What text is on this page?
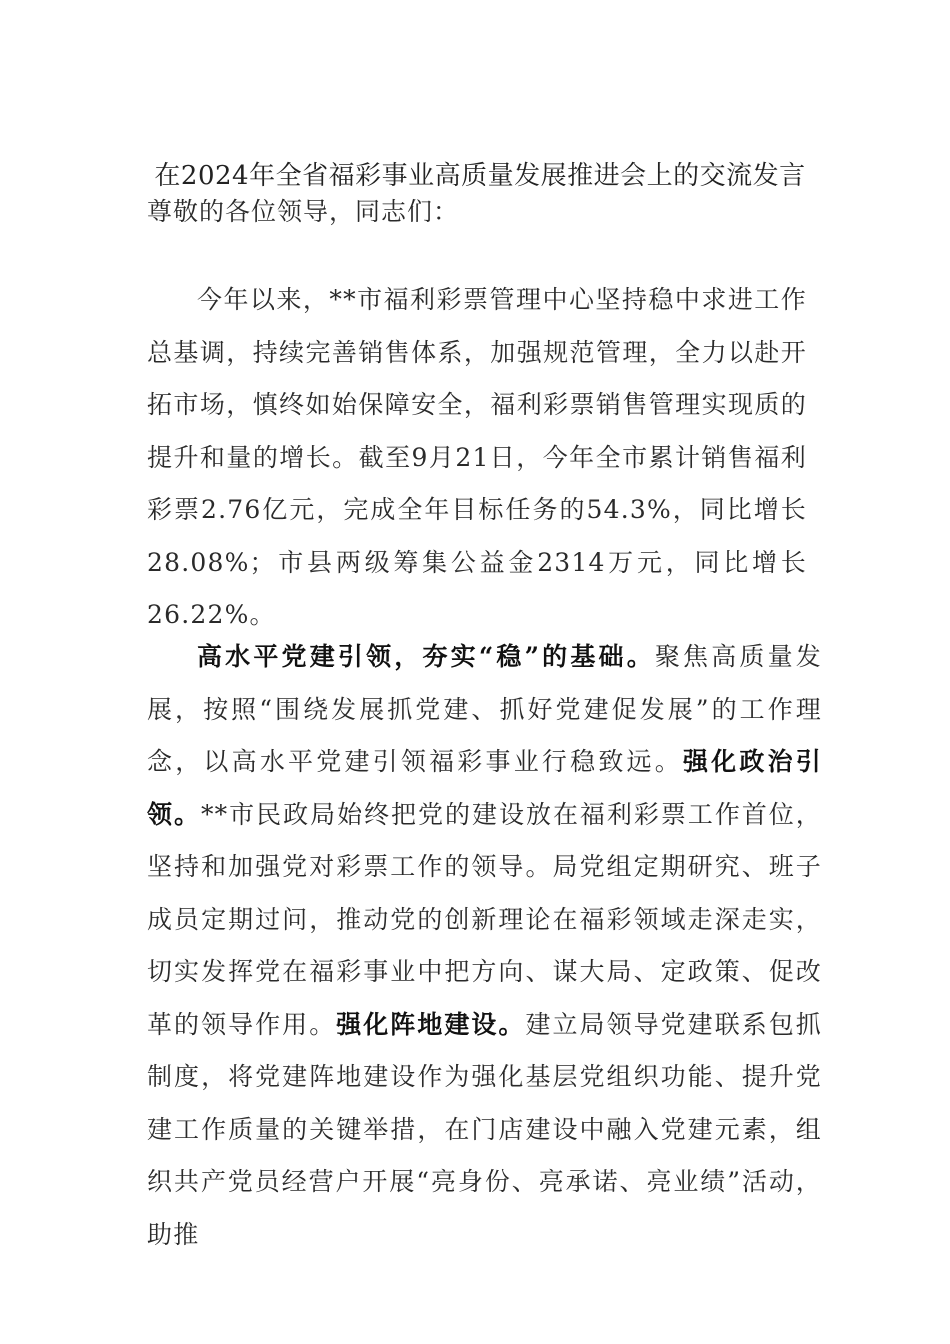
在2024年全省福彩事业高质量发展推进会上的交流发言
尊敬的各位领导，同志们：

今年以来，**市福利彩票管理中心坚持稳中求进工作总基调，持续完善销售体系，加强规范管理，全力以赴开拓市场，慎终如始保障安全，福利彩票销售管理实现质的提升和量的增长。截至9月21日，今年全市累计销售福利彩票2.76亿元，完成全年目标任务的54.3%，同比增长28.08%；市县两级筹集公益金2314万元，同比增长26.22%。

高水平党建引领，夯实“稳”的基础。聚焦高质量发展，按照“围绕发展抓党建、抓好党建促发展”的工作理念，以高水平党建引领福彩事业行稳致远。强化政治引领。**市民政局始终把党的建设放在福利彩票工作首位，坚持和加强党对彩票工作的领导。局党组定期研究、班子成员定期过问，推动党的创新理论在福彩领域走深走实，切实发挥党在福彩事业中把方向、谋大局、定政策、促改革的领导作用。强化阵地建设。建立局领导党建联系包抓制度，将党建阵地建设作为强化基层党组织功能、提升党建工作质量的关键举措，在门店建设中融入党建元素，组织共产党员经营户开展“亮身份、亮承诺、亮业绩”活动，助推
